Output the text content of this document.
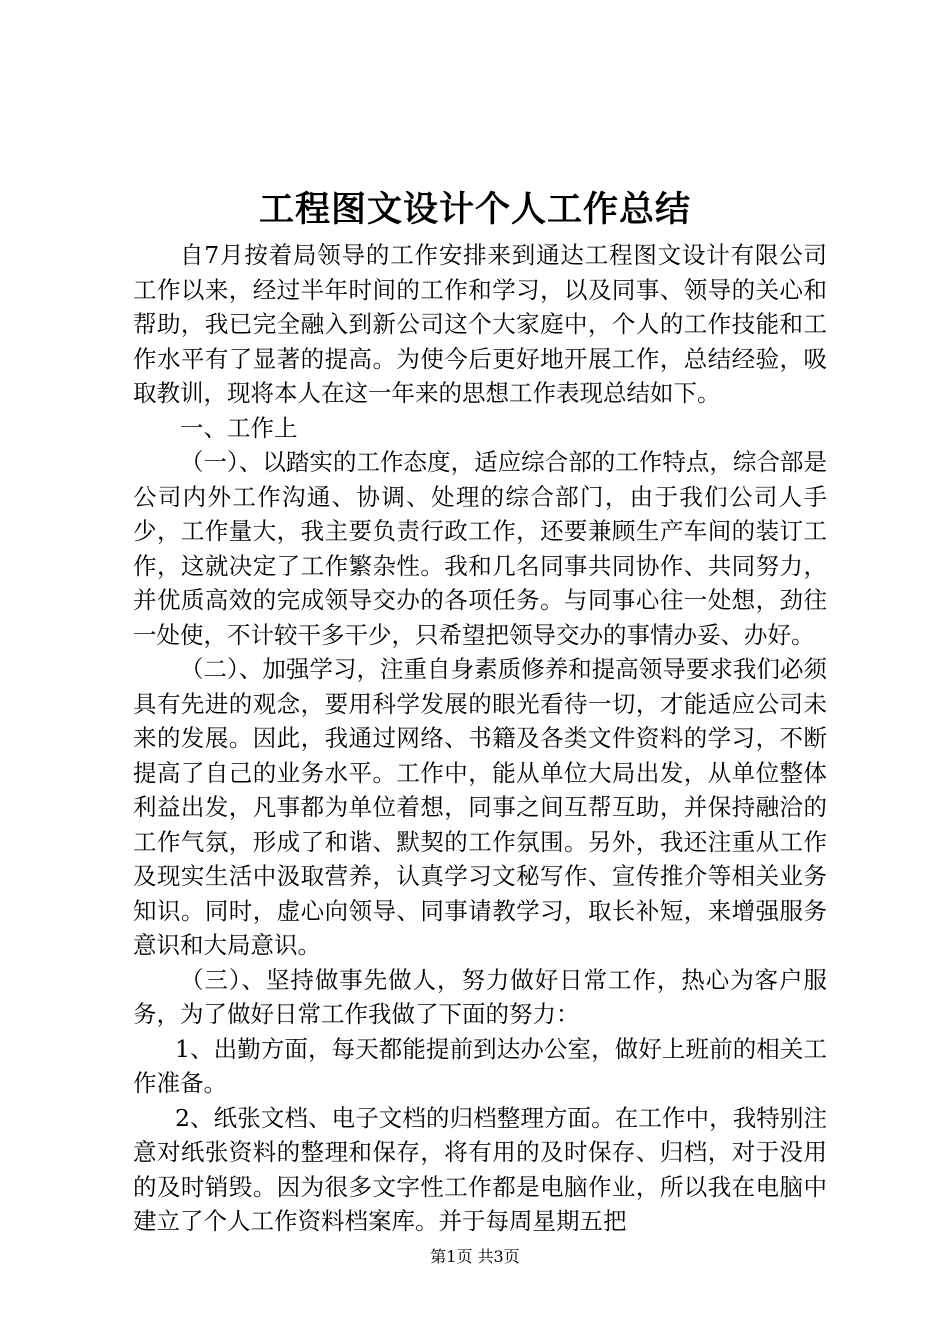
工程图文设计个人工作总结

自7月按着局领导的工作安排来到通达工程图文设计有限公司工作以来，经过半年时间的工作和学习，以及同事、领导的关心和帮助，我已完全融入到新公司这个大家庭中，个人的工作技能和工作水平有了显著的提高。为使今后更好地开展工作，总结经验，吸取教训，现将本人在这一年来的思想工作表现总结如下。

一、工作上

（一）、以踏实的工作态度，适应综合部的工作特点，综合部是公司内外工作沟通、协调、处理的综合部门，由于我们公司人手少，工作量大，我主要负责行政工作，还要兼顾生产车间的装订工作，这就决定了工作繁杂性。我和几名同事共同协作、共同努力，并优质高效的完成领导交办的各项任务。与同事心往一处想，劲往一处使，不计较干多干少，只希望把领导交办的事情办妥、办好。

（二）、加强学习，注重自身素质修养和提高领导要求我们必须具有先进的观念，要用科学发展的眼光看待一切，才能适应公司未来的发展。因此，我通过网络、书籍及各类文件资料的学习，不断提高了自己的业务水平。工作中，能从单位大局出发，从单位整体利益出发，凡事都为单位着想，同事之间互帮互助，并保持融洽的工作气氛，形成了和谐、默契的工作氛围。另外，我还注重从工作及现实生活中汲取营养，认真学习文秘写作、宣传推介等相关业务知识。同时，虚心向领导、同事请教学习，取长补短，来增强服务意识和大局意识。

（三）、坚持做事先做人，努力做好日常工作，热心为客户服务，为了做好日常工作我做了下面的努力：

1、出勤方面，每天都能提前到达办公室，做好上班前的相关工作准备。

2、纸张文档、电子文档的归档整理方面。在工作中，我特别注意对纸张资料的整理和保存，将有用的及时保存、归档，对于没用的及时销毁。因为很多文字性工作都是电脑作业，所以我在电脑中建立了个人工作资料档案库。并于每周星期五把

第1页 共3页
